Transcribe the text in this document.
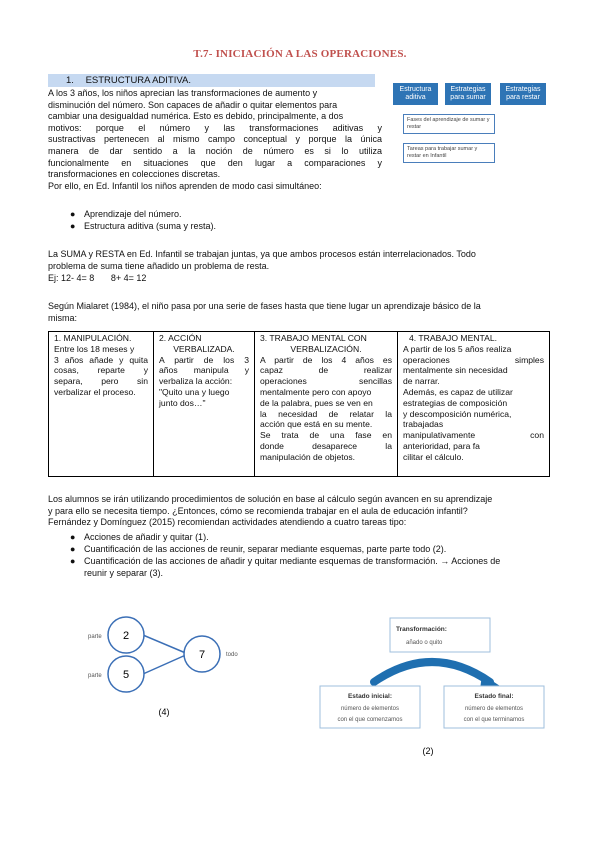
T.7- INICIACIÓN A LAS OPERACIONES.
1. ESTRUCTURA ADITIVA.
A los 3 años, los niños aprecian las transformaciones de aumento y
disminución del número. Son capaces de añadir o quitar elementos para
cambiar una desigualdad numérica. Esto es debido, principalmente, a dos
motivos: porque el número y las transformaciones aditivas y
sustractivas pertenecen al mismo campo conceptual y porque la única
manera de dar sentido a la noción de número es si lo utiliza
funcionalmente en situaciones que den lugar a comparaciones y
transformaciones en colecciones discretas.
Por ello, en Ed. Infantil los niños aprenden de modo casi simultáneo:
● Aprendizaje del número.
● Estructura aditiva (suma y resta).
Estructura aditiva
Estrategias para sumar
Estrategias para restar
Fases del aprendizaje de sumar y restar
Tareas para trabajar sumar y restar en Infantil
La SUMA y RESTA en Ed. Infantil se trabajan juntas, ya que ambos procesos están interrelacionados. Todo
problema de suma tiene añadido un problema de resta.
Ej: 12- 4= 8 8+ 4= 12
Según Mialaret (1984), el niño pasa por una serie de fases hasta que tiene lugar un aprendizaje básico de la
misma:
1. MANIPULACIÓN.
Entre los 18 meses y
3 años añade y quita
cosas, reparte y
separa, pero sin
verbalizar el proceso.

2. ACCIÓN
VERBALIZADA.
A partir de los 3
años manipula y
verbaliza la acción:
"Quito una y luego
junto dos…"

3. TRABAJO MENTAL CON
VERBALIZACIÓN.
A partir de los 4 años es
capaz de realizar
operaciones sencillas
mentalmente pero con apoyo
de la palabra, pues se ven en
la necesidad de relatar la
acción que está en su mente.
Se trata de una fase en
donde desaparece la
manipulación de objetos.

4. TRABAJO MENTAL.
A partir de los 5 años realiza
operaciones simples
mentalmente sin necesidad
de narrar.
Además, es capaz de utilizar
estrategias de composición
y descomposición numérica,
trabajadas
manipulativamente con
anterioridad, para fa
cilitar el cálculo.
Los alumnos se irán utilizando procedimientos de solución en base al cálculo según avancen en su aprendizaje
y para ello se necesita tiempo. ¿Entonces, cómo se recomienda trabajar en el aula de educación infantil?
Fernández y Domínguez (2015) recomiendan actividades atendiendo a cuatro tareas tipo:
● Acciones de añadir y quitar (1).
● Cuantificación de las acciones de reunir, separar mediante esquemas, parte parte todo (2).
● Cuantificación de las acciones de añadir y quitar mediante esquemas de transformación. → Acciones de
reunir y separar (3).
2
5
7
parte
parte
todo
(4)
Transformación:
añado o quito
Estado inicial:
número de elementos
con el que comenzamos
Estado final:
número de elementos
con el que terminamos
(2)
